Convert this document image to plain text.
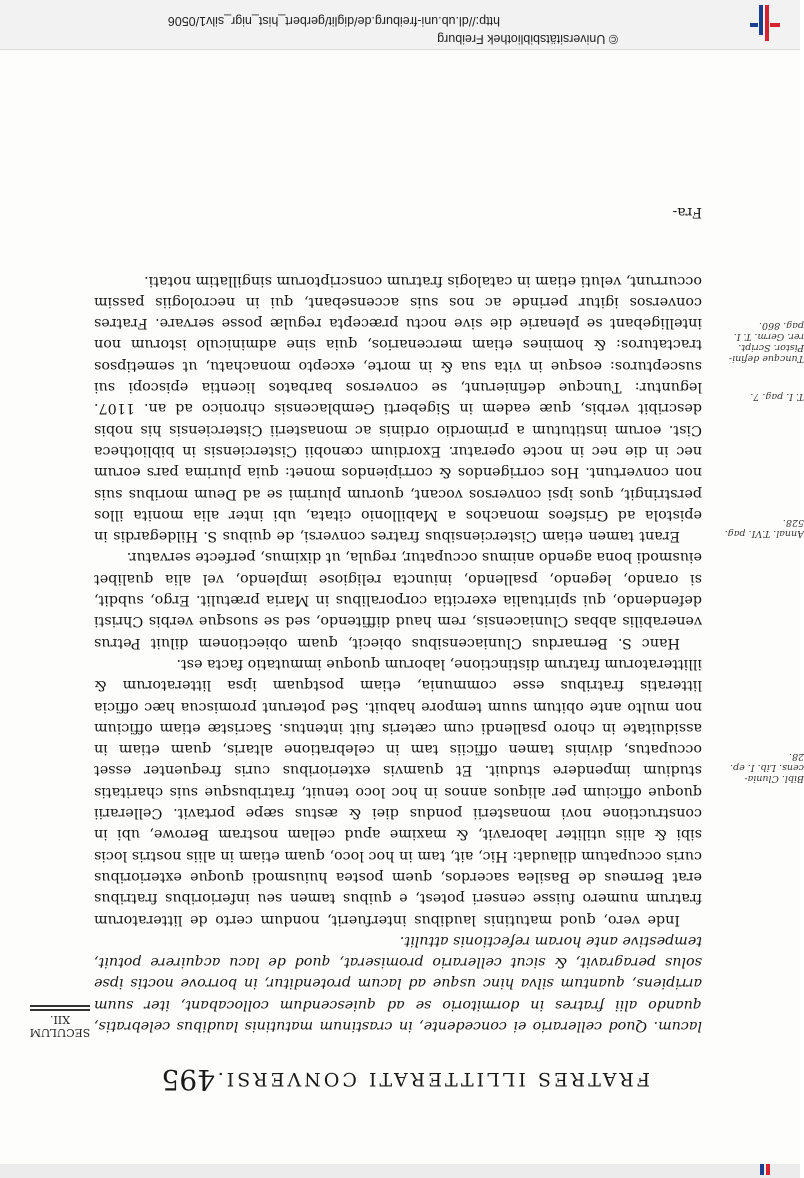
FRATRES ILLITTERATI CONVERSI.
495
SECULUM
XII.
Bibl. Clunia-cens. Lib. I. ep. 28.
Annal. T.VI. pag. 528.
T. I. pag. 7.
Tuncque defini-Pistor. Script. rer. Germ. T. I. pag. 860.

lacum. Quod cellerario ei concedente, in crastinum matutinis laudibus celebratis, quando alii fratres in dormitorio se ad quiescendum collocabant, iter suum arripiens, quantum silva hinc usque ad lacum protenditur, in borrove noctis ipse solus peragravit, & sicut cellerario promiserat, quod de lacu acquirere potuit, tempestive ante horam refectionis attulit.

Inde vero, quod matutinis laudibus interfuerit, nondum certo de litteratorum fratrum numero fuisse censeri potest, e quibus tamen seu inferioribus fratribus erat Berneus de Basilea sacerdos, quem postea huiusmodi quoque exterioribus curis occupatum dilaudat: Hic, ait, tam in hoc loco, quam etiam in aliis nostris locis sibi & aliis utiliter laboravit, & maxime apud cellam nostram Berowe, ubi in constructione novi monasterii pondus diei & æstus sæpe portavit. Cellerarii quoque officium per aliquos annos in hoc loco tenuit, fratribusque suis charitatis studium impendere studuit. Et quamvis exterioribus curis frequenter esset occupatus, divinis tamen officiis tam in celebratione altaris, quam etiam in assiduitate in choro psallendi cum cæteris fuit intentus. Sacristæ etiam officium non multo ante obitum suum tempore habuit. Sed poterunt promiscua hæc officia litteratis fratribus esse communia, etiam postquam ipsa litteratorum & illitteratorum fratrum distinctione, laborum quoque immutatio facta est.

Hanc S. Bernardus Cluniacensibus obiecit, quam obiectionem diluit Petrus venerabilis abbas Cluniacensis, rem haud diffitendo, sed se suosque verbis Christi defendendo, qui spiritualia exercitia corporalibus in Maria prætulit. Ergo, subdit, si orando, legendo, psallendo, iniuncta religiose implendo, vel alia qualibet eiusmodi bona agendo animus occupatur, regula, ut diximus, perfecte servatur.

Erant tamen etiam Cisterciensibus fratres conversi, de quibus S. Hildegardis in epistola ad Grisfeos monachos a Mabillonio citata, ubi inter alia monita illos perstringit, quos ipsi conversos vocant, quorum plurimi se ad Deum moribus suis non convertunt. Hos corrigendos & corripiendos monet: quia plurima pars eorum nec in die nec in nocte operatur. Exordium cœnobii Cisterciensis in bibliotheca Cist. eorum institutum a primordio ordinis ac monasterii Cisterciensis his nobis describit verbis, quæ eadem in Sigeberti Gemblacensis chronico ad an. 1107. leguntur: Tuncque definierunt, se conversos barbatos licentia episcopi sui suscepturos: eosque in vita sua & in morte, excepto monachatu, ut semetipsos tractaturos: & homines etiam mercenarios, quia sine adminiculo istorum non intelligebant se plenarie die sive noctu præcepta regulæ posse servare. Fratres conversos igitur perinde ac nos suis accensebant, qui in necrologiis passim occurrunt, veluti etiam in catalogis fratrum conscriptorum singillatim notati.

Fra-
© Universitätsbibliothek Freiburg
http://dl.ub.uni-freiburg.de/diglit/gerbert_hist_nigr_silv1/0506
